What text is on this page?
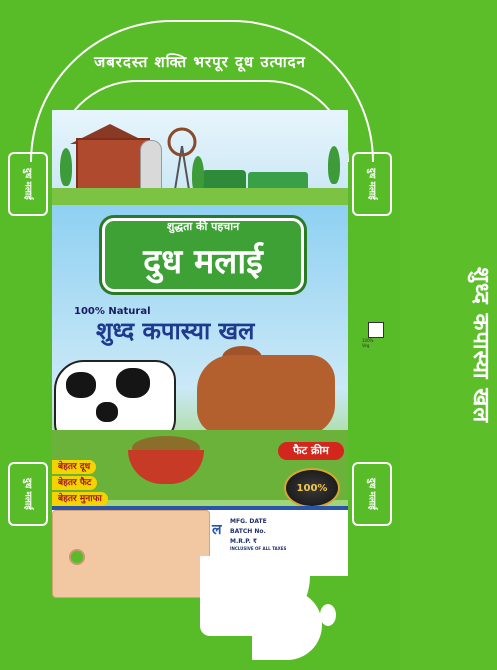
जबरदस्त शक्ति भरपूर दूध उत्पादन
दुध मलाई
दुध मलाई
दुध मलाई
शुध्द कपास्या खल
दुध मलाई
100% Veg
शुद्धता की पहचान
दुध मलाई
100% Natural
शुध्द कपास्या खल
बेहतर दूध
बेहतर फैट
बेहतर मुनाफा
फैट क्रीम
100%
MFG. DATE
BATCH No.
M.R.P. ₹
INCLUSIVE OF ALL TAXES
ल
